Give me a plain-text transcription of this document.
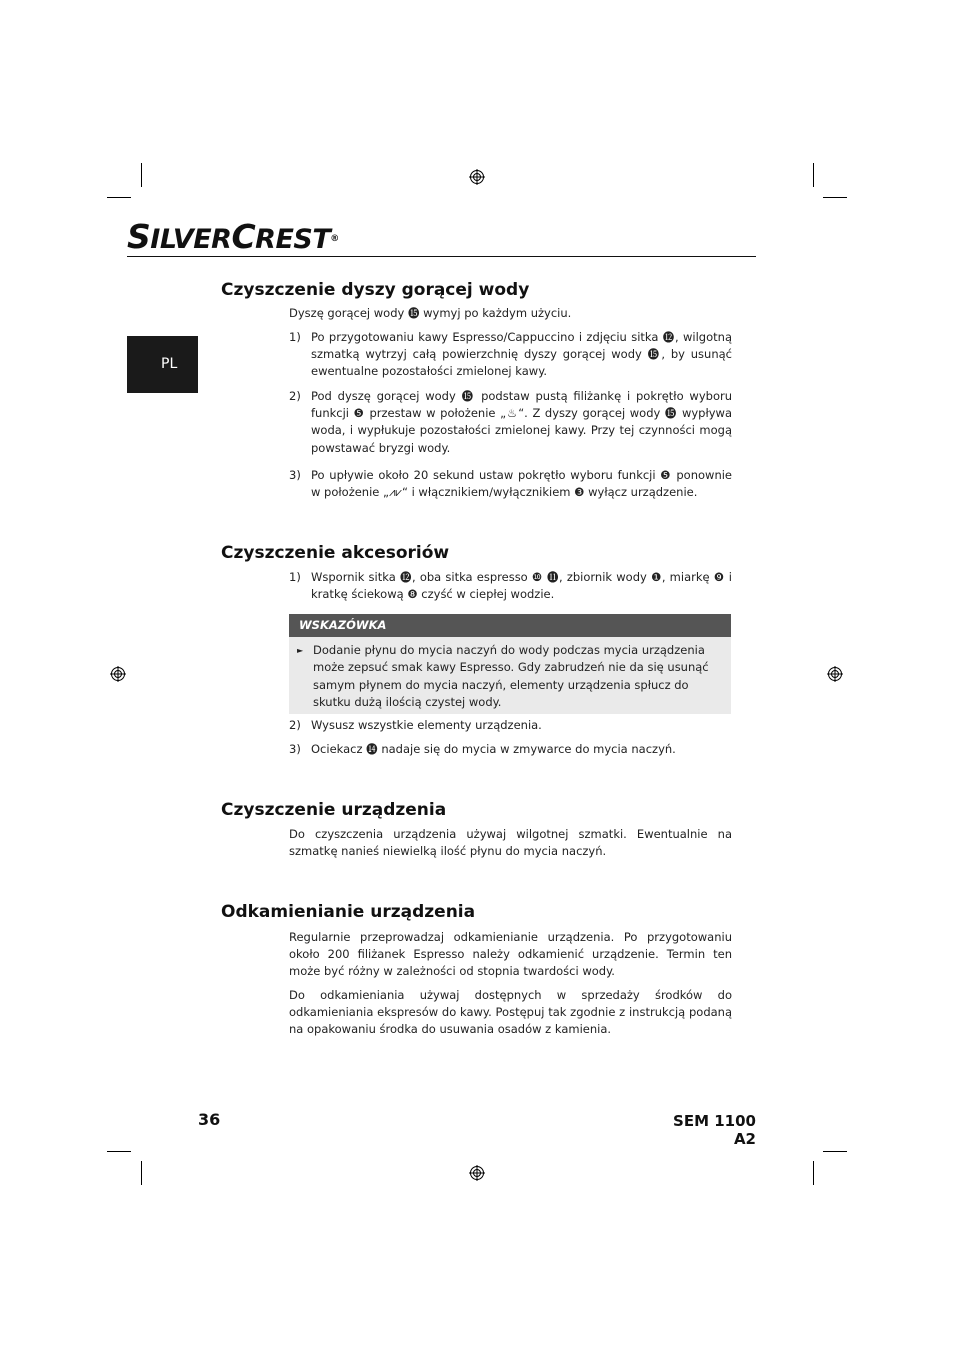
SILVERCREST®
PL
Czyszczenie dyszy gorącej wody
Dyszę gorącej wody ⓯ wymyj po każdym użyciu.
1) Po przygotowaniu kawy Espresso/Cappuccino i zdjęciu sitka ⓬, wilgotną szmatką wytrzyj całą powierzchnię dyszy gorącej wody ⓯, by usunąć ewentualne pozostałości zmielonej kawy.
2) Pod dyszę gorącej wody ⓯ podstaw pustą filiżankę i pokrętło wyboru funkcji ❺ przestaw w położenie „♨“. Z dyszy gorącej wody ⓯ wypływa woda, i wypłukuje pozostałości zmielonej kawy. Przy tej czynności mogą powstawać bryzgi wody.
3) Po upływie około 20 sekund ustaw pokrętło wyboru funkcji ❺ ponownie w położenie „⩘⩗“ i włącznikiem/wyłącznikiem ❸ wyłącz urządzenie.
Czyszczenie akcesoriów
1) Wspornik sitka ⓬, oba sitka espresso ❿ ⓫, zbiornik wody ❶, miarkę ❾ i kratkę ściekową ❽ czyść w ciepłej wodzie.
WSKAZÓWKA
► Dodanie płynu do mycia naczyń do wody podczas mycia urządzenia może zepsuć smak kawy Espresso. Gdy zabrudzeń nie da się usunąć samym płynem do mycia naczyń, elementy urządzenia spłucz do skutku dużą ilością czystej wody.
2) Wysusz wszystkie elementy urządzenia.
3) Ociekacz ⓮ nadaje się do mycia w zmywarce do mycia naczyń.
Czyszczenie urządzenia
Do czyszczenia urządzenia używaj wilgotnej szmatki. Ewentualnie na szmatkę nanieś niewielką ilość płynu do mycia naczyń.
Odkamienianie urządzenia
Regularnie przeprowadzaj odkamienianie urządzenia. Po przygotowaniu około 200 filiżanek Espresso należy odkamienić urządzenie. Termin ten może być różny w zależności od stopnia twardości wody.
Do odkamieniania używaj dostępnych w sprzedaży środków do odkamieniania ekspresów do kawy. Postępuj tak zgodnie z instrukcją podaną na opakowaniu środka do usuwania osadów z kamienia.
36	SEM 1100 A2
